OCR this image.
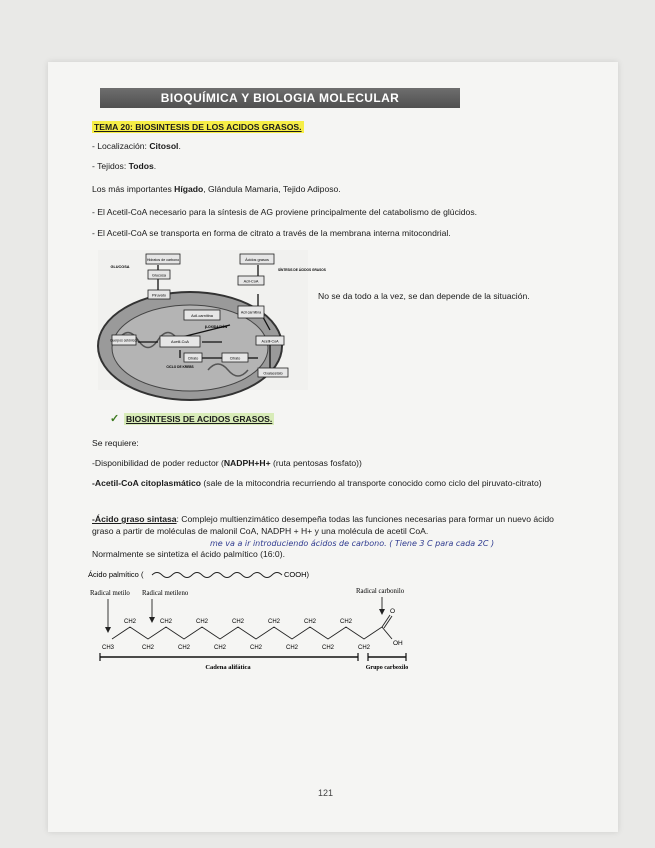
BIOQUÍMICA Y BIOLOGIA MOLECULAR
TEMA 20: BIOSINTESIS DE LOS ACIDOS GRASOS.
- Localización: Citosol.
- Tejidos: Todos.
Los más importantes Hígado, Glándula Mamaria, Tejido Adiposo.
- El Acetil-CoA necesario para la síntesis de AG proviene principalmente del catabolismo de glúcidos.
- El Acetil-CoA se transporta en forma de citrato a través de la membrana interna mitocondrial.
Hidratos de carbono
GLUCOSA
Glucosa
Piruvato
Ácidos grasos
SÍNTESIS DE ÁCIDOS GRASOS
Acil-CoA
Acil carnitina
Acil-carnitina
β-OXIDACIÓN
Cuerpos cetónicos	Acetil-CoA	Acetil-CoA
Citrato	Citrato
Oxalacetato
CICLO DE KREBS
No se da todo a la vez, se dan depende de la situación.
✓ BIOSINTESIS DE ACIDOS GRASOS.
Se requiere:
-Disponibilidad de poder reductor (NADPH+H+ (ruta pentosas fosfato))
-Acetil-CoA citoplasmático (sale de la mitocondria recurriendo al transporte conocido como ciclo del piruvato-citrato)
-Ácido graso sintasa: Complejo multienzimático desempeña todas las funciones necesarias para formar un nuevo ácido graso a partir de moléculas de malonil CoA, NADPH + H+ y una molécula de acetil CoA.
me va a ir introduciendo ácidos de carbono. ( Tiene 3 C para cada 2C )
Normalmente se sintetiza el ácido palmítico (16:0).
Ácido palmítico (	COOH)
Radical metilo Radical metileno	Radical carbonilo
CH3
CH2
CH2
CH2
CH2
CH2
CH2
CH2
CH2
CH2
CH2
CH2
CH2
CH2
CH2
O
OH
Cadena alifática	Grupo carboxilo
121
